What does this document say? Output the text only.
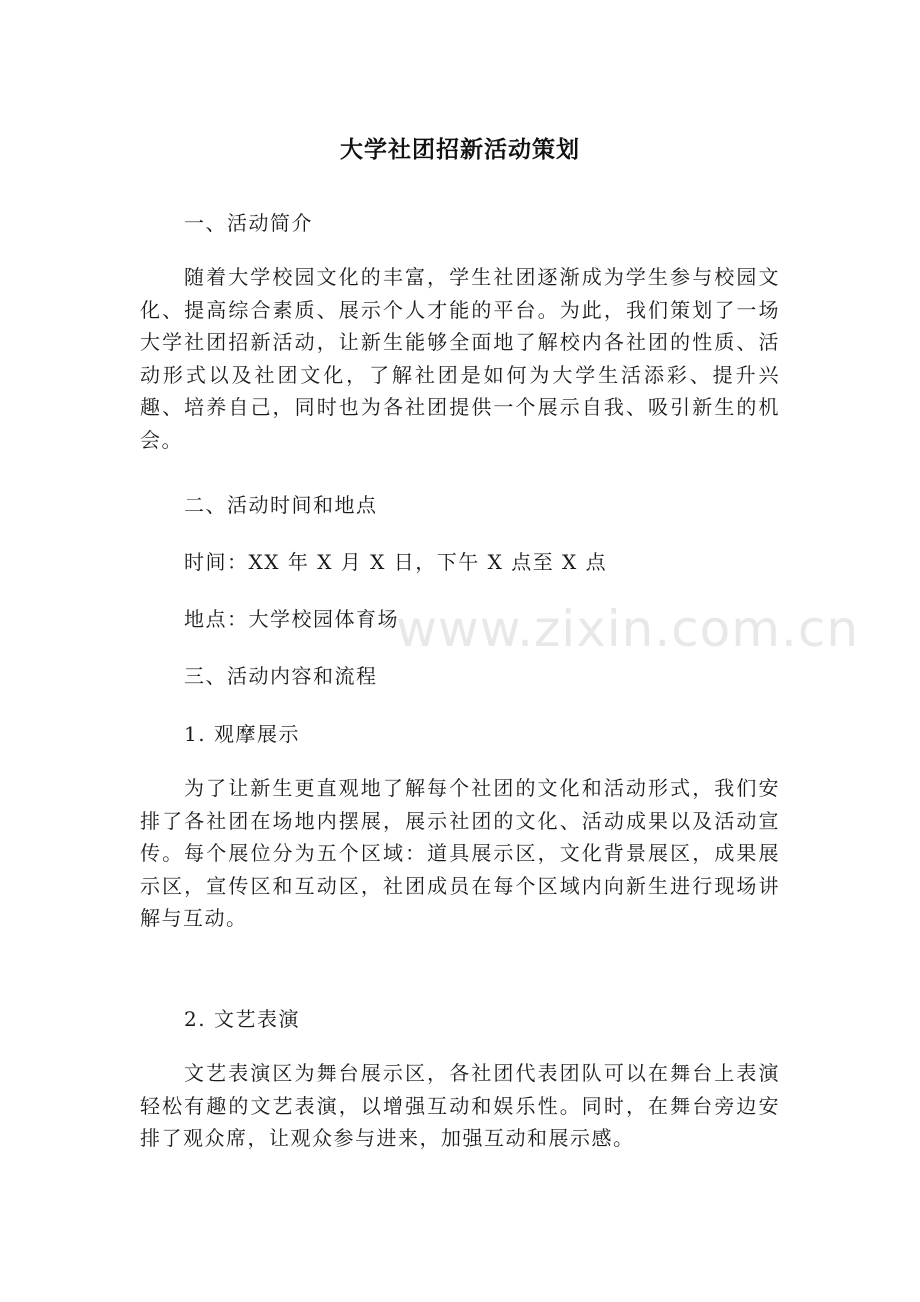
大学社团招新活动策划

一、活动简介

随着大学校园文化的丰富，学生社团逐渐成为学生参与校园文化、提高综合素质、展示个人才能的平台。为此，我们策划了一场大学社团招新活动，让新生能够全面地了解校内各社团的性质、活动形式以及社团文化，了解社团是如何为大学生活添彩、提升兴趣、培养自己，同时也为各社团提供一个展示自我、吸引新生的机会。

二、活动时间和地点

时间：XX 年 X 月 X 日，下午 X 点至 X 点

地点：大学校园体育场

三、活动内容和流程

1. 观摩展示

为了让新生更直观地了解每个社团的文化和活动形式，我们安排了各社团在场地内摆展，展示社团的文化、活动成果以及活动宣传。每个展位分为五个区域：道具展示区，文化背景展区，成果展示区，宣传区和互动区，社团成员在每个区域内向新生进行现场讲解与互动。

2. 文艺表演

文艺表演区为舞台展示区，各社团代表团队可以在舞台上表演轻松有趣的文艺表演，以增强互动和娱乐性。同时，在舞台旁边安排了观众席，让观众参与进来，加强互动和展示感。

www.zixin.com.cn
